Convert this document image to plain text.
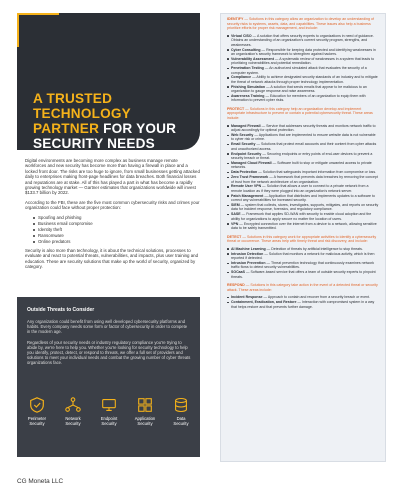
A TRUSTED
TECHNOLOGY
PARTNER FOR YOUR
SECURITY NEEDS

Digital environments are becoming more complex as business manage remote workforces and new security has become more than having a firewall in place and a locked front door. The risks are too huge to ignore, from small businesses getting attacked daily to enterprises making front-page headlines for data breaches. Both financial losses and reputations are at stake. All of this has played a part in what has become a rapidly growing technology market — Gartner estimates that organizations worldwide will invest $133.7 billion by 2022.

According to the FBI, these are the five most common cybersecurity risks and crimes your organization could face without proper protection:

Spoofing and phishing
Business email compromise
Identity theft
Ransomware
Online predators

Security is also more than technology, it is about the technical solutions, processes to evaluate and react to potential threats, vulnerabilities, and impacts, plus user training and education. These are security solutions that make up the world of security, organized by category.

Outside Threats to Consider

Any organization could benefit from using well developed cybersecurity platforms and habits. Every company needs some form or factor of cybersecurity in order to compete in the modern age.

Regardless of your security needs or industry regulatory compliance you're trying to abide by, we're here to help you. Whether you're looking for security technology to help you identify, protect, detect, or respond to threats, we offer a full set of providers and solutions to meet your individual needs and combat the growing number of cyber threats organizations face.

Perimeter
Security
Network
Security
Endpoint
Security
Application
Security
Data
Security
CG Moneta LLC
IDENTIFY — Solutions in this category allow an organization to develop an understanding of security risks to systems, assets, data, and capabilities. These issues also help a business prioritize efforts for proper risk management, and include:
Virtual CISO — A solution that offers security experts to organizations in need of guidance. Obtains an understanding of an organization's current security program, strengths, and weaknesses.
Cyber Consulting — Responsible for keeping data protected and identifying weaknesses in an organization's security framework to strengthen against hackers.
Vulnerability Assessment — A systematic review of weaknesses in a system that leads to prioritizing vulnerabilities and potential remediation.
Penetration Testing — An authorized simulated attack that evaluates the security of a computer system.
Compliance — Ability to achieve designated security standards of an industry and to mitigate the threat of network attacks through proper technology implementation.
Phishing Simulation — A solution that sends emails that appear to be malicious to an organization to gauge response and raise awareness.
Awareness Training — Education for members of an organization to equip them with information to prevent cyber risks.
PROTECT — Solutions in this category help an organization develop and implement appropriate infrastructure to prevent or contain a potential cybersecurity threat. These areas include:
Managed Firewall — Service that addresses security threats and monitors network traffic to adjust accordingly for optimal protection.
Web Security — Applications that are implemented to ensure website data is not vulnerable to cyber risk or crime.
Email Security — Solutions that protect email accounts and their content from cyber attacks and unauthorized access.
Endpoint Security — Securing endpoints or entry points of end-user devices to prevent a security breach or threat.
Managed Cloud Firewall — Software built to stop or mitigate unwanted access to private networks.
Data Protection — Solution that safeguards important information from compromise or loss.
Zero Trust Framework — A framework that prevents data breaches by removing the concept of trust from the network architecture of an organization.
Remote User VPN — Solution that allows a user to connect to a private network from a remote location as if they were plugged into an organization's network server.
Patch Management — Application that distributes and implements updates to a software to correct any vulnerabilities for increased security.
SIEM — system that collects, stores, investigates, supports, mitigates, and reports on security data for incident response, forensics, and regulatory compliance.
SASE — Framework that applies SD-WAN with security to enable cloud adoption and the ability for organizations to apply secure no matter the location of users.
VPN — Encrypted connection over the internet from a device to a network, allowing sensitive data to be safely transmitted.
DETECT — Solutions in this category work for appropriate activities to identify a cybersecurity threat or occurrence. These areas help with timely threat and risk discovery, and include:
AI Machine Learning — Detection of threats by artificial intelligence to stop threats.
Intrusion Detection — Solution that monitors a network for malicious activity, which is then reported if detected.
Intrusion Prevention — Threat prevention technology that continuously examines network traffic flows to detect security vulnerabilities.
SOCaaS — Software-based service that offers a team of outside security experts to pinpoint threats.
RESPOND — Solutions in this category take action in the event of a detected threat or security attack. These areas include:
Incident Response — Approach to contain and recover from a security breach or event.
Containment, Eradication, and Restore — Interaction with compromised system in a way that helps restore and that prevents further damage.
